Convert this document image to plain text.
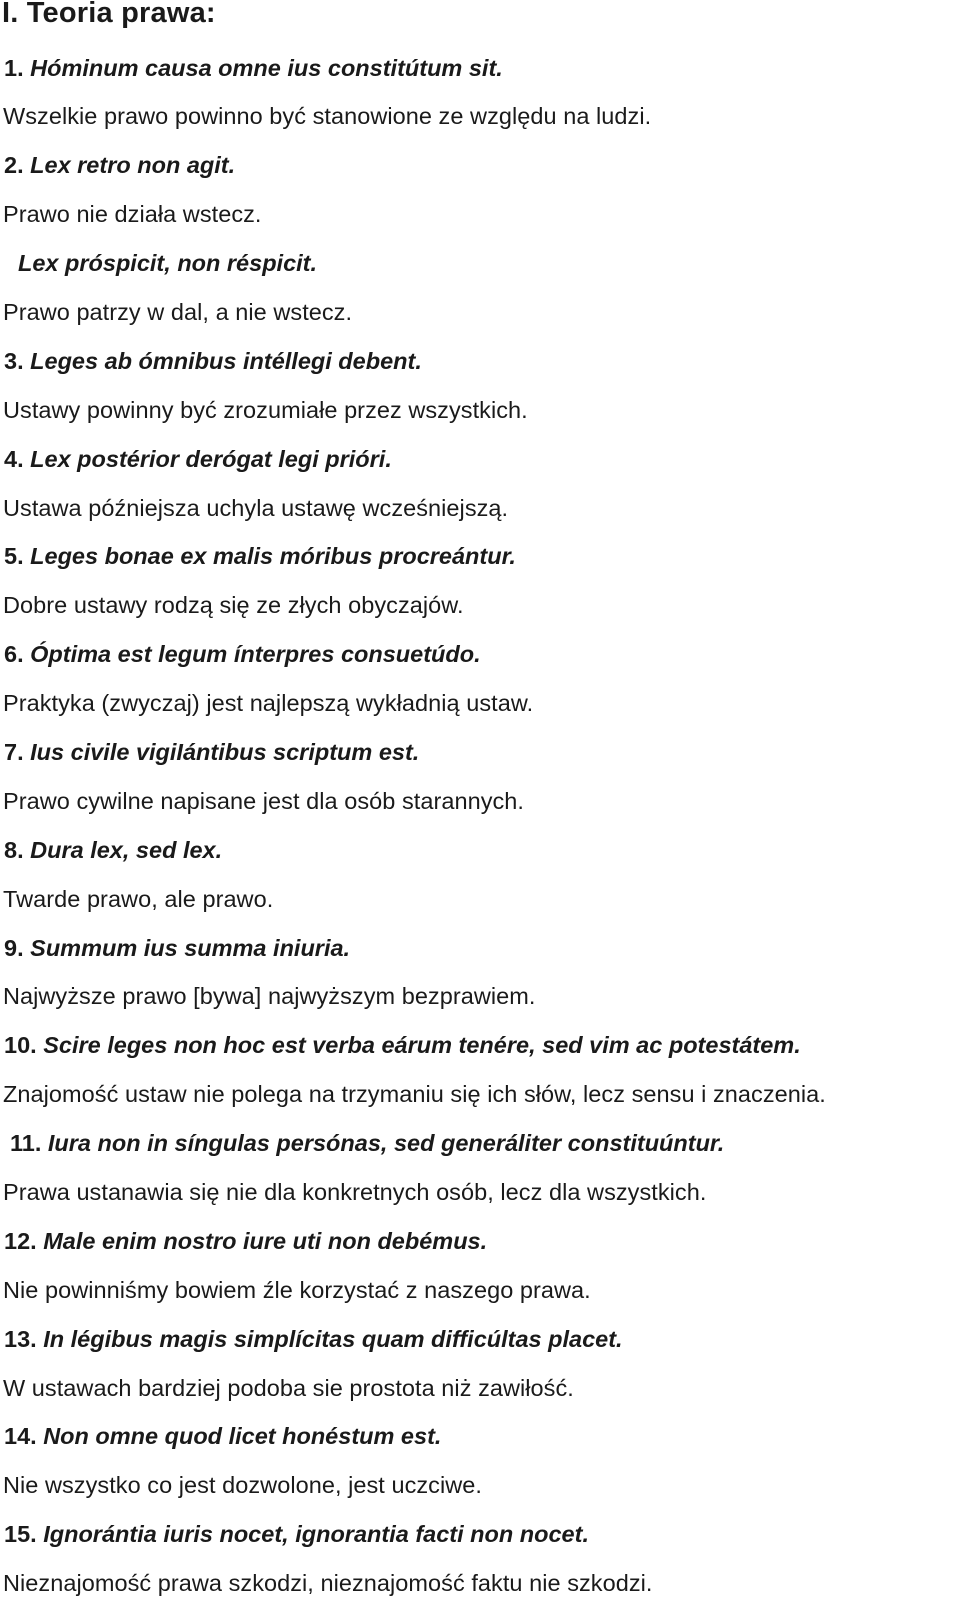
I. Teoria prawa:
1. Hóminum causa omne ius constitútum sit.
Wszelkie prawo powinno być stanowione ze względu na ludzi.
2. Lex retro non agit.
Prawo nie działa wstecz.
Lex próspicit, non réspicit.
Prawo patrzy w dal, a nie wstecz.
3. Leges ab ómnibus intéllegi debent.
Ustawy powinny być zrozumiałe przez wszystkich.
4. Lex postérior derógat legi prióri.
Ustawa późniejsza uchyla ustawę wcześniejszą.
5. Leges bonae ex malis móribus procreántur.
Dobre ustawy rodzą się ze złych obyczajów.
6. Óptima est legum ínterpres consuetúdo.
Praktyka (zwyczaj) jest najlepszą wykładnią ustaw.
7. Ius civile vigiIántibus scriptum est.
Prawo cywilne napisane jest dla osób starannych.
8. Dura lex, sed lex.
Twarde prawo, ale prawo.
9. Summum ius summa iniuria.
Najwyższe prawo [bywa] najwyższym bezprawiem.
10. Scire leges non hoc est verba eárum tenére, sed vim ac potestátem.
Znajomość ustaw nie polega na trzymaniu się ich słów, lecz sensu i znaczenia.
11. Iura non in síngulas persónas, sed generáliter constituúntur.
Prawa ustanawia się nie dla konkretnych osób, lecz dla wszystkich.
12. Male enim nostro iure uti non debémus.
Nie powinniśmy bowiem źle korzystać z naszego prawa.
13. In légibus magis simplícitas quam difficúltas placet.
W ustawach bardziej podoba sie prostota niż zawiłość.
14. Non omne quod licet honéstum est.
Nie wszystko co jest dozwolone, jest uczciwe.
15. Ignorántia iuris nocet, ignorantia facti non nocet.
Nieznajomość prawa szkodzi, nieznajomość faktu nie szkodzi.
